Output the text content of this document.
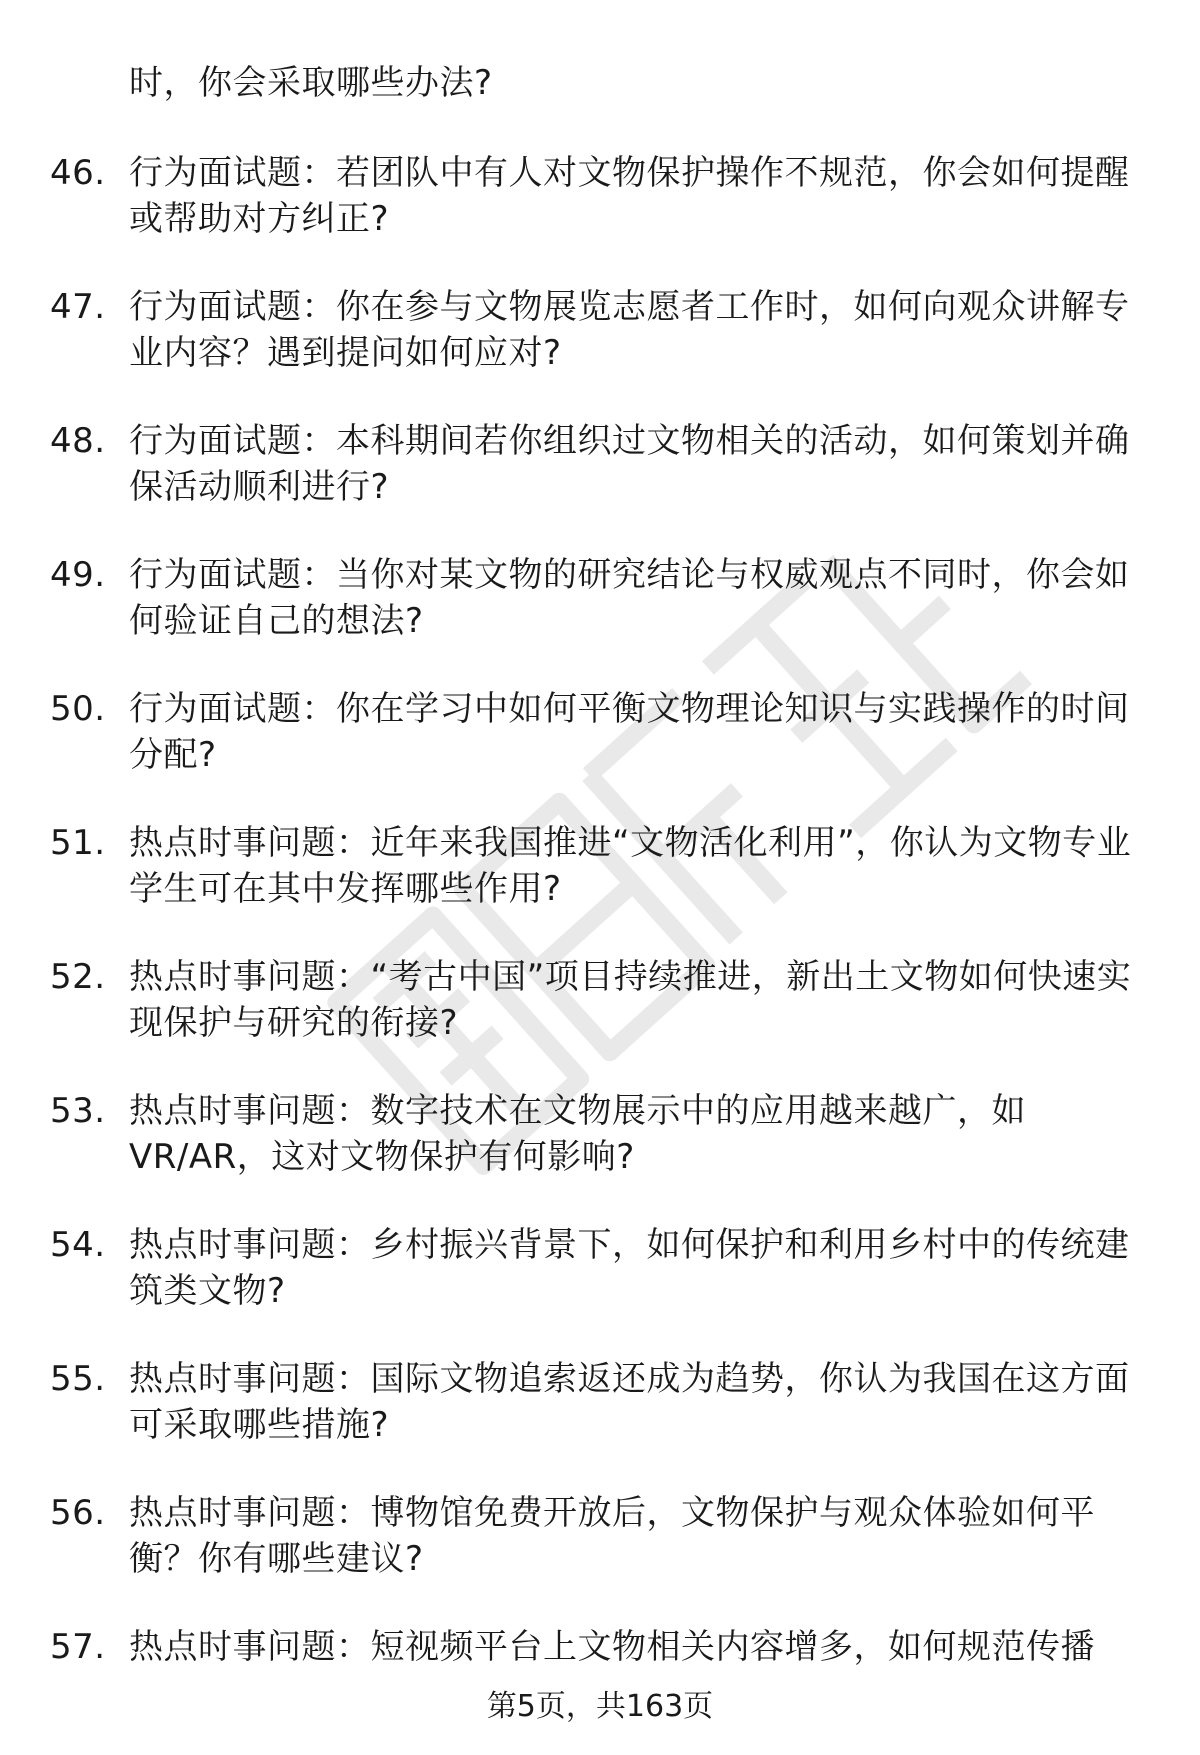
时，你会采取哪些办法?
46. 行为面试题：若团队中有人对文物保护操作不规范，你会如何提醒或帮助对方纠正?
47. 行为面试题：你在参与文物展览志愿者工作时，如何向观众讲解专业内容？遇到提问如何应对?
48. 行为面试题：本科期间若你组织过文物相关的活动，如何策划并确保活动顺利进行?
49. 行为面试题：当你对某文物的研究结论与权威观点不同时，你会如何验证自己的想法?
50. 行为面试题：你在学习中如何平衡文物理论知识与实践操作的时间分配?
51. 热点时事问题：近年来我国推进“文物活化利用”，你认为文物专业学生可在其中发挥哪些作用?
52. 热点时事问题：“考古中国”项目持续推进，新出土文物如何快速实现保护与研究的衔接?
53. 热点时事问题：数字技术在文物展示中的应用越来越广，如VR/AR，这对文物保护有何影响?
54. 热点时事问题：乡村振兴背景下，如何保护和利用乡村中的传统建筑类文物?
55. 热点时事问题：国际文物追索返还成为趋势，你认为我国在这方面可采取哪些措施?
56. 热点时事问题：博物馆免费开放后，文物保护与观众体验如何平衡？你有哪些建议?
57. 热点时事问题：短视频平台上文物相关内容增多，如何规范传播
第5页，共163页
